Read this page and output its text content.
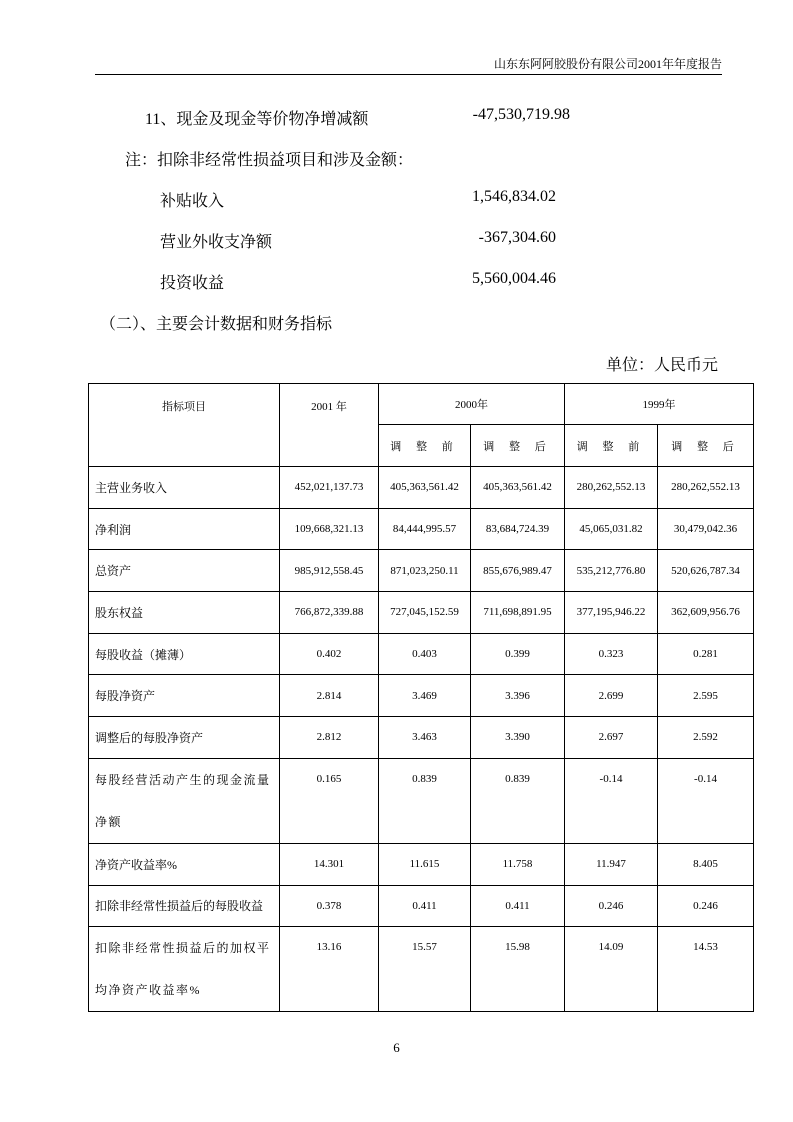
山东东阿阿胶股份有限公司2001年年度报告
11、现金及现金等价物净增减额	-47,530,719.98
注：扣除非经常性损益项目和涉及金额：
补贴收入	1,546,834.02
营业外收支净额	-367,304.60
投资收益	5,560,004.46
（二）、主要会计数据和财务指标
单位：人民币元
指标项目	2001 年	2000年		1999年	
		调 整 前	调 整 后	调 整 前	调 整 后
主营业务收入	452,021,137.73	405,363,561.42	405,363,561.42	280,262,552.13	280,262,552.13
净利润	109,668,321.13	84,444,995.57	83,684,724.39	45,065,031.82	30,479,042.36
总资产	985,912,558.45	871,023,250.11	855,676,989.47	535,212,776.80	520,626,787.34
股东权益	766,872,339.88	727,045,152.59	711,698,891.95	377,195,946.22	362,609,956.76
每股收益（摊薄）	0.402	0.403	0.399	0.323	0.281
每股净资产	2.814	3.469	3.396	2.699	2.595
调整后的每股净资产	2.812	3.463	3.390	2.697	2.592
每股经营活动产生的现金流量净额	0.165	0.839	0.839	-0.14	-0.14
净资产收益率%	14.301	11.615	11.758	11.947	8.405
扣除非经常性损益后的每股收益	0.378	0.411	0.411	0.246	0.246
扣除非经常性损益后的加权平均净资产收益率%	13.16	15.57	15.98	14.09	14.53
6
